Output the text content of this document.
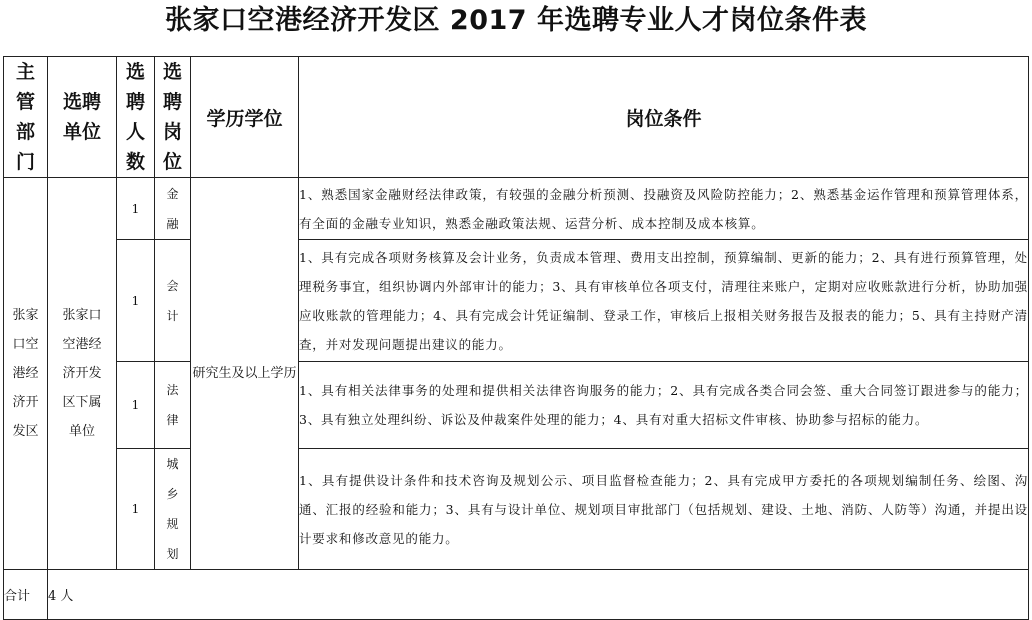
张家口空港经济开发区 2017 年选聘专业人才岗位条件表
主管部门	选聘单位	选聘人数	选聘岗位	学历学位	岗位条件
张家口空港经济开发区	张家口空港经济开发区下属单位	1	金融	研究生及以上学历	1、熟悉国家金融财经法律政策，有较强的金融分析预测、投融资及风险防控能力；2、熟悉基金运作管理和预算管理体系，有全面的金融专业知识，熟悉金融政策法规、运营分析、成本控制及成本核算。
		1	会计		1、具有完成各项财务核算及会计业务，负责成本管理、费用支出控制，预算编制、更新的能力；2、具有进行预算管理，处理税务事宜，组织协调内外部审计的能力；3、具有审核单位各项支付，清理往来账户，定期对应收账款进行分析，协助加强应收账款的管理能力；4、具有完成会计凭证编制、登录工作，审核后上报相关财务报告及报表的能力；5、具有主持财产清查，并对发现问题提出建议的能力。
		1	法律		1、具有相关法律事务的处理和提供相关法律咨询服务的能力；2、具有完成各类合同会签、重大合同签订跟进参与的能力；3、具有独立处理纠纷、诉讼及仲裁案件处理的能力；4、具有对重大招标文件审核、协助参与招标的能力。
		1	城乡规划		1、具有提供设计条件和技术咨询及规划公示、项目监督检查能力；2、具有完成甲方委托的各项规划编制任务、绘图、沟通、汇报的经验和能力；3、具有与设计单位、规划项目审批部门（包括规划、建设、土地、消防、人防等）沟通，并提出设计要求和修改意见的能力。
合计	4 人				
